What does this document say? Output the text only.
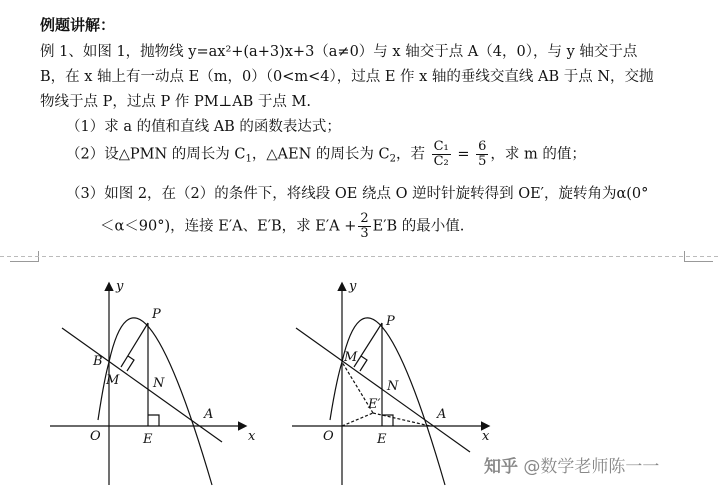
例题讲解：
例 1、如图 1，抛物线 y=ax²+(a+3)x+3（a≠0）与 x 轴交于点 A（4，0），与 y 轴交于点
B，在 x 轴上有一动点 E（m，0）（0<m<4），过点 E 作 x 轴的垂线交直线 AB 于点 N，交抛
物线于点 P，过点 P 作 PM⊥AB 于点 M.
（1）求 a 的值和直线 AB 的函数表达式；
（2）设△PMN 的周长为 $C_1$，△AEN 的周长为 $C_2$，若 $\frac{\text{C₁}}{\text{C₂}} = \frac{6}{5}$ ，求 m 的值；
（3）如图 2，在（2）的条件下，将线段 OE 绕点 O 逆时针旋转得到 OE′，旋转角为α(0°
＜α＜90°)，连接 E′A、E′B，求 $E'A + \frac{2}{3} E'B$ 的最小值.
y
x
P
B
M	N
O	E
A
y
x
P
M
N
E′
O	E
A
知乎 @数学老师陈一一
